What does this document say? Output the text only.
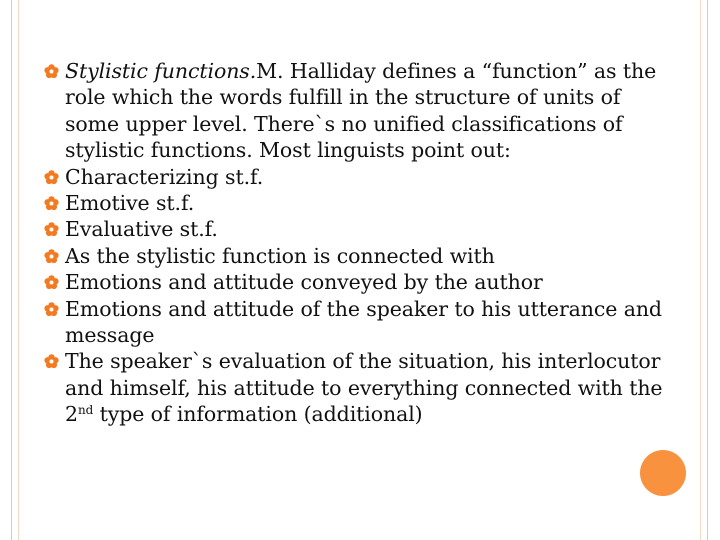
Stylistic functions.M. Halliday defines a “function” as the role which the words fulfill in the structure of units of some upper level. There`s no unified classifications of stylistic functions. Most linguists point out:
Characterizing st.f.
Emotive st.f.
Evaluative st.f.
As the stylistic function is connected with
Emotions and attitude conveyed by the author
Emotions and attitude of the speaker to his utterance and message
The speaker`s evaluation of the situation, his interlocutor and himself, his attitude to everything connected with the 2nd type of information (additional)
